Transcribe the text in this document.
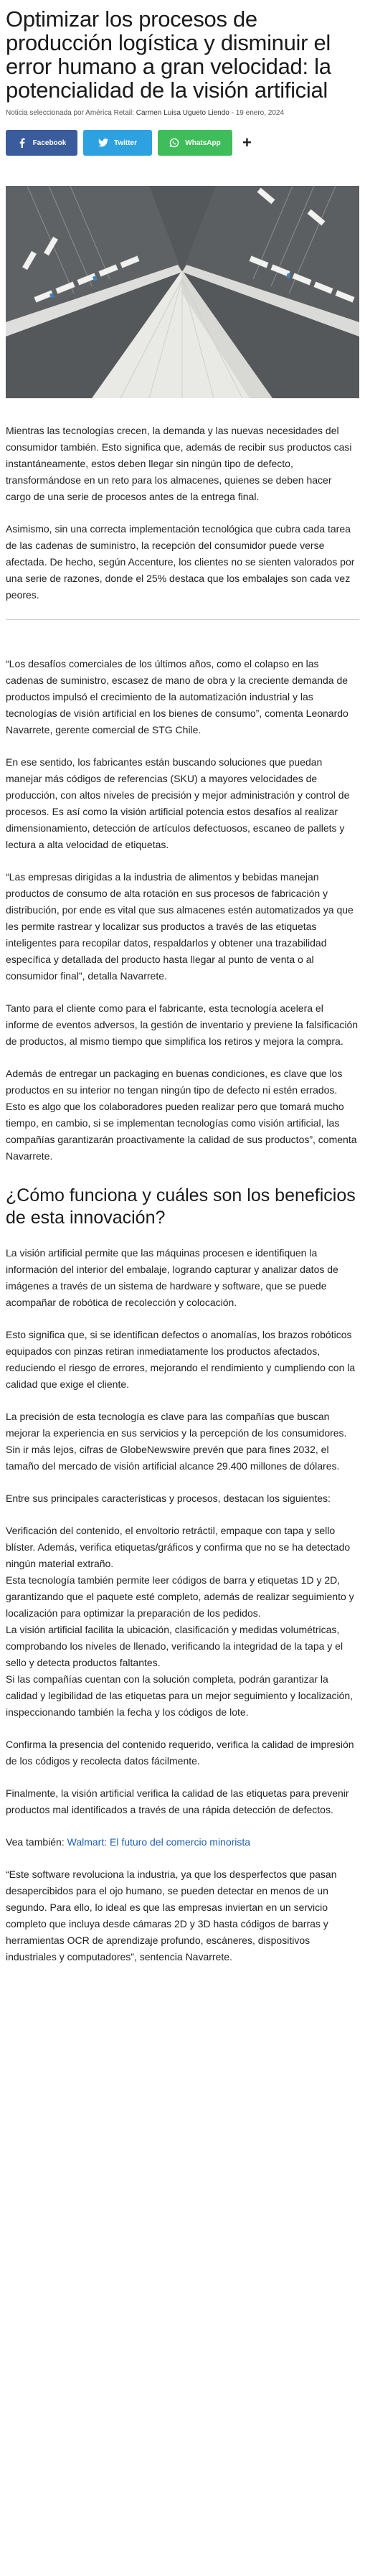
Optimizar los procesos de producción logística y disminuir el error humano a gran velocidad: la potencialidad de la visión artificial
Noticia seleccionada por América Retail: Carmen Luisa Ugueto Liendo - 19 enero, 2024
Facebook	Twitter	WhatsApp +

Mientras las tecnologías crecen, la demanda y las nuevas necesidades del consumidor también. Esto significa que, además de recibir sus productos casi instantáneamente, estos deben llegar sin ningún tipo de defecto, transformándose en un reto para los almacenes, quienes se deben hacer cargo de una serie de procesos antes de la entrega final.

Asimismo, sin una correcta implementación tecnológica que cubra cada tarea de las cadenas de suministro, la recepción del consumidor puede verse afectada. De hecho, según Accenture, los clientes no se sienten valorados por una serie de razones, donde el 25% destaca que los embalajes son cada vez peores.

“Los desafíos comerciales de los últimos años, como el colapso en las cadenas de suministro, escasez de mano de obra y la creciente demanda de productos impulsó el crecimiento de la automatización industrial y las tecnologías de visión artificial en los bienes de consumo”, comenta Leonardo Navarrete, gerente comercial de STG Chile.

En ese sentido, los fabricantes están buscando soluciones que puedan manejar más códigos de referencias (SKU) a mayores velocidades de producción, con altos niveles de precisión y mejor administración y control de procesos. Es así como la visión artificial potencia estos desafíos al realizar dimensionamiento, detección de artículos defectuosos, escaneo de pallets y lectura a alta velocidad de etiquetas.

“Las empresas dirigidas a la industria de alimentos y bebidas manejan productos de consumo de alta rotación en sus procesos de fabricación y distribución, por ende es vital que sus almacenes estén automatizados ya que les permite rastrear y localizar sus productos a través de las etiquetas inteligentes para recopilar datos, respaldarlos y obtener una trazabilidad específica y detallada del producto hasta llegar al punto de venta o al consumidor final”, detalla Navarrete.

Tanto para el cliente como para el fabricante, esta tecnología acelera el informe de eventos adversos, la gestión de inventario y previene la falsificación de productos, al mismo tiempo que simplifica los retiros y mejora la compra.

Además de entregar un packaging en buenas condiciones, es clave que los productos en su interior no tengan ningún tipo de defecto ni estén errados. Esto es algo que los colaboradores pueden realizar pero que tomará mucho tiempo, en cambio, si se implementan tecnologías como visión artificial, las compañías garantizarán proactivamente la calidad de sus productos”, comenta Navarrete.

¿Cómo funciona y cuáles son los beneficios de esta innovación?

La visión artificial permite que las máquinas procesen e identifiquen la información del interior del embalaje, logrando capturar y analizar datos de imágenes a través de un sistema de hardware y software, que se puede acompañar de robótica de recolección y colocación.

Esto significa que, si se identifican defectos o anomalías, los brazos robóticos equipados con pinzas retiran inmediatamente los productos afectados, reduciendo el riesgo de errores, mejorando el rendimiento y cumpliendo con la calidad que exige el cliente.

La precisión de esta tecnología es clave para las compañías que buscan mejorar la experiencia en sus servicios y la percepción de los consumidores. Sin ir más lejos, cifras de GlobeNewswire prevén que para fines 2032, el tamaño del mercado de visión artificial alcance 29.400 millones de dólares.

Entre sus principales características y procesos, destacan los siguientes:

Verificación del contenido, el envoltorio retráctil, empaque con tapa y sello blíster. Además, verifica etiquetas/gráficos y confirma que no se ha detectado ningún material extraño.

Esta tecnología también permite leer códigos de barra y etiquetas 1D y 2D, garantizando que el paquete esté completo, además de realizar seguimiento y localización para optimizar la preparación de los pedidos.

La visión artificial facilita la ubicación, clasificación y medidas volumétricas, comprobando los niveles de llenado, verificando la integridad de la tapa y el sello y detecta productos faltantes.

Si las compañías cuentan con la solución completa, podrán garantizar la calidad y legibilidad de las etiquetas para un mejor seguimiento y localización, inspeccionando también la fecha y los códigos de lote.

Confirma la presencia del contenido requerido, verifica la calidad de impresión de los códigos y recolecta datos fácilmente.

Finalmente, la visión artificial verifica la calidad de las etiquetas para prevenir productos mal identificados a través de una rápida detección de defectos.

Vea también: Walmart: El futuro del comercio minorista

“Este software revoluciona la industria, ya que los desperfectos que pasan desapercibidos para el ojo humano, se pueden detectar en menos de un segundo. Para ello, lo ideal es que las empresas inviertan en un servicio completo que incluya desde cámaras 2D y 3D hasta códigos de barras y herramientas OCR de aprendizaje profundo, escáneres, dispositivos industriales y computadores”, sentencia Navarrete.
